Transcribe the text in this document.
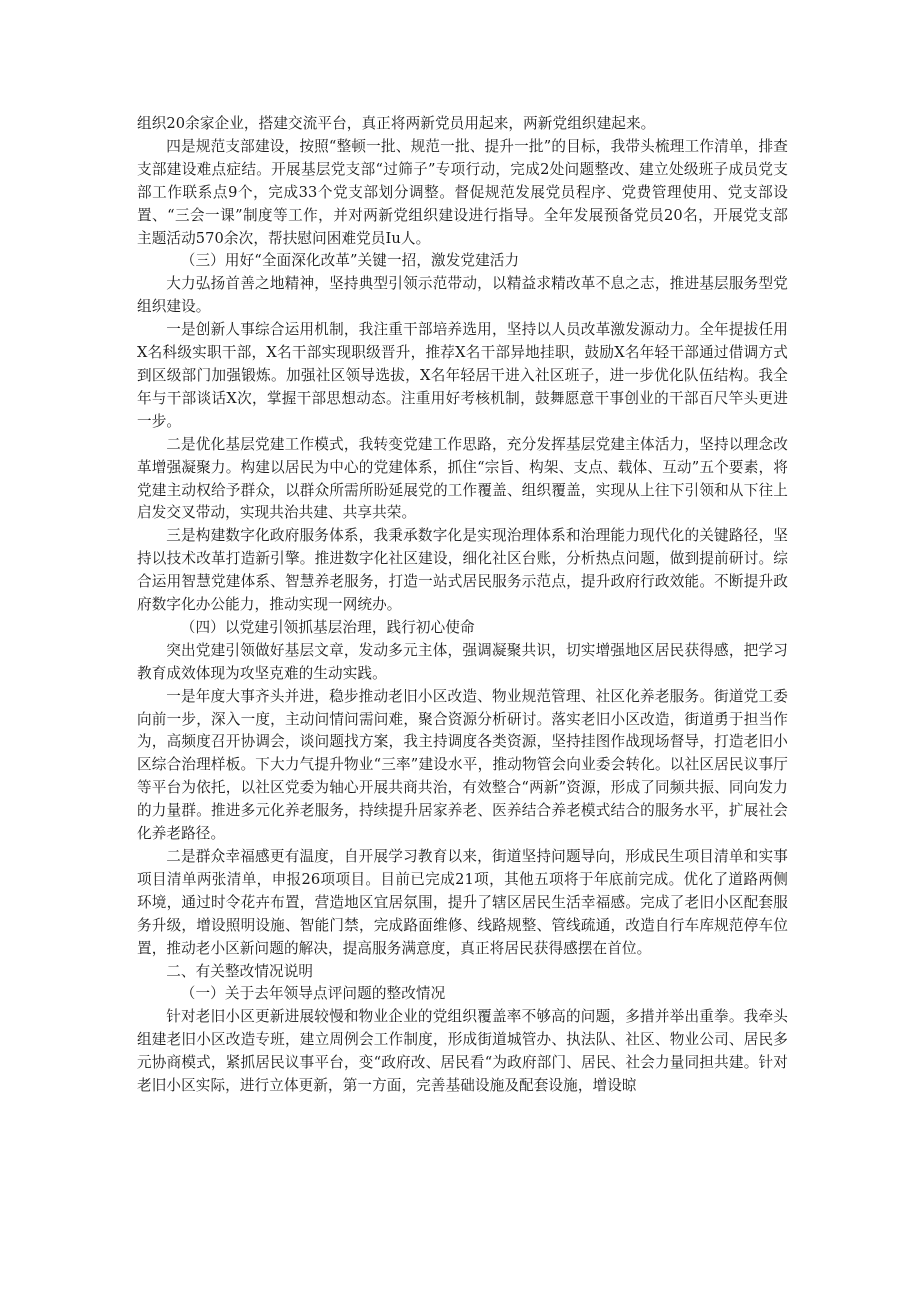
组织20余家企业，搭建交流平台，真正将两新党员用起来，两新党组织建起来。

四是规范支部建设，按照“整顿一批、规范一批、提升一批”的目标，我带头梳理工作清单，排查支部建设难点症结。开展基层党支部“过筛子”专项行动，完成2处问题整改、建立处级班子成员党支部工作联系点9个，完成33个党支部划分调整。督促规范发展党员程序、党费管理使用、党支部设置、“三会一课”制度等工作，并对两新党组织建设进行指导。全年发展预备党员20名，开展党支部主题活动570余次，帮扶慰问困难党员Iu人。

（三）用好“全面深化改革”关键一招，激发党建活力

大力弘扬首善之地精神，坚持典型引领示范带动，以精益求精改革不息之志，推进基层服务型党组织建设。

一是创新人事综合运用机制，我注重干部培养选用，坚持以人员改革激发源动力。全年提拔任用X名科级实职干部，X名干部实现职级晋升，推荐X名干部异地挂职，鼓励X名年轻干部通过借调方式到区级部门加强锻炼。加强社区领导选拔，X名年轻居干进入社区班子，进一步优化队伍结构。我全年与干部谈话X次，掌握干部思想动态。注重用好考核机制，鼓舞愿意干事创业的干部百尺竿头更进一步。

二是优化基层党建工作模式，我转变党建工作思路，充分发挥基层党建主体活力，坚持以理念改革增强凝聚力。构建以居民为中心的党建体系，抓住“宗旨、构架、支点、载体、互动”五个要素，将党建主动权给予群众，以群众所需所盼延展党的工作覆盖、组织覆盖，实现从上往下引领和从下往上启发交叉带动，实现共治共建、共享共荣。

三是构建数字化政府服务体系，我秉承数字化是实现治理体系和治理能力现代化的关键路径，坚持以技术改革打造新引擎。推进数字化社区建设，细化社区台账，分析热点问题，做到提前研讨。综合运用智慧党建体系、智慧养老服务，打造一站式居民服务示范点，提升政府行政效能。不断提升政府数字化办公能力，推动实现一网统办。

（四）以党建引领抓基层治理，践行初心使命

突出党建引领做好基层文章，发动多元主体，强调凝聚共识，切实增强地区居民获得感，把学习教育成效体现为攻坚克难的生动实践。

一是年度大事齐头并进，稳步推动老旧小区改造、物业规范管理、社区化养老服务。街道党工委向前一步，深入一度，主动问情问需问难，聚合资源分析研讨。落实老旧小区改造，街道勇于担当作为，高频度召开协调会，谈问题找方案，我主持调度各类资源，坚持挂图作战现场督导，打造老旧小区综合治理样板。下大力气提升物业“三率”建设水平，推动物管会向业委会转化。以社区居民议事厅等平台为依托，以社区党委为轴心开展共商共治，有效整合“两新”资源，形成了同频共振、同向发力的力量群。推进多元化养老服务，持续提升居家养老、医养结合养老模式结合的服务水平，扩展社会化养老路径。

二是群众幸福感更有温度，自开展学习教育以来，街道坚持问题导向，形成民生项目清单和实事项目清单两张清单，申报26项项目。目前已完成21项，其他五项将于年底前完成。优化了道路两侧环境，通过时令花卉布置，营造地区宜居氛围，提升了辖区居民生活幸福感。完成了老旧小区配套服务升级，增设照明设施、智能门禁，完成路面维修、线路规整、管线疏通，改造自行车库规范停车位置，推动老小区新问题的解决，提高服务满意度，真正将居民获得感摆在首位。

二、有关整改情况说明

（一）关于去年领导点评问题的整改情况

针对老旧小区更新进展较慢和物业企业的党组织覆盖率不够高的问题，多措并举出重拳。我牵头组建老旧小区改造专班，建立周例会工作制度，形成街道城管办、执法队、社区、物业公司、居民多元协商模式，紧抓居民议事平台，变“政府改、居民看“为政府部门、居民、社会力量同担共建。针对老旧小区实际，进行立体更新，第一方面，完善基础设施及配套设施，增设晾
